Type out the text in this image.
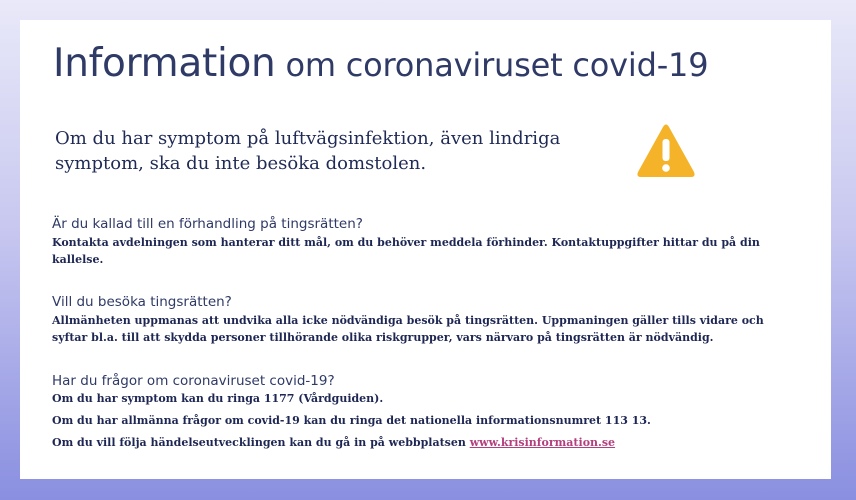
Information om coronaviruset covid-19

Om du har symptom på luftvägsinfektion, även lindriga symptom, ska du inte besöka domstolen.

Är du kallad till en förhandling på tingsrätten?

Kontakta avdelningen som hanterar ditt mål, om du behöver meddela förhinder. Kontaktuppgifter hittar du på din kallelse.

Vill du besöka tingsrätten?

Allmänheten uppmanas att undvika alla icke nödvändiga besök på tingsrätten. Uppmaningen gäller tills vidare och syftar bl.a. till att skydda personer tillhörande olika riskgrupper, vars närvaro på tingsrätten är nödvändig.

Har du frågor om coronaviruset covid-19?

Om du har symptom kan du ringa 1177 (Vårdguiden).

Om du har allmänna frågor om covid-19 kan du ringa det nationella informationsnumret 113 13.

Om du vill följa händelseutvecklingen kan du gå in på webbplatsen www.krisinformation.se
